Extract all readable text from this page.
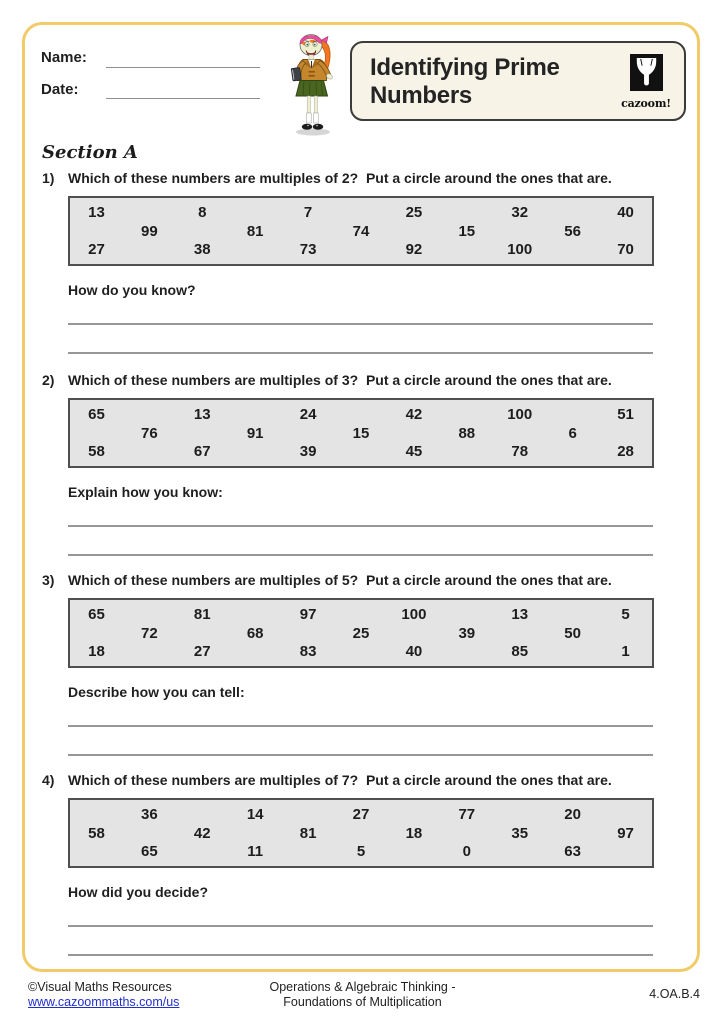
Name:
Date:
Identifying Prime Numbers	cazoom!
Section A
1) Which of these numbers are multiples of 2?  Put a circle around the ones that are.
13
27
99
8
38
81
7
73
74
25
92
15
32
100
56
40
70
How do you know?
2) Which of these numbers are multiples of 3?  Put a circle around the ones that are.
65
58
76
13
67
91
24
39
15
42
45
88
100
78
6
51
28
Explain how you know:
3) Which of these numbers are multiples of 5?  Put a circle around the ones that are.
65
18
72
81
27
68
97
83
25
100
40
39
13
85
50
5
1
Describe how you can tell:
4) Which of these numbers are multiples of 7?  Put a circle around the ones that are.
58
36
65
42
14
11
81
27
5
18
77
0
35
20
63
97
How did you decide?
©Visual Maths Resources
www.cazoommaths.com/us
Operations & Algebraic Thinking -
Foundations of Multiplication
4.OA.B.4
